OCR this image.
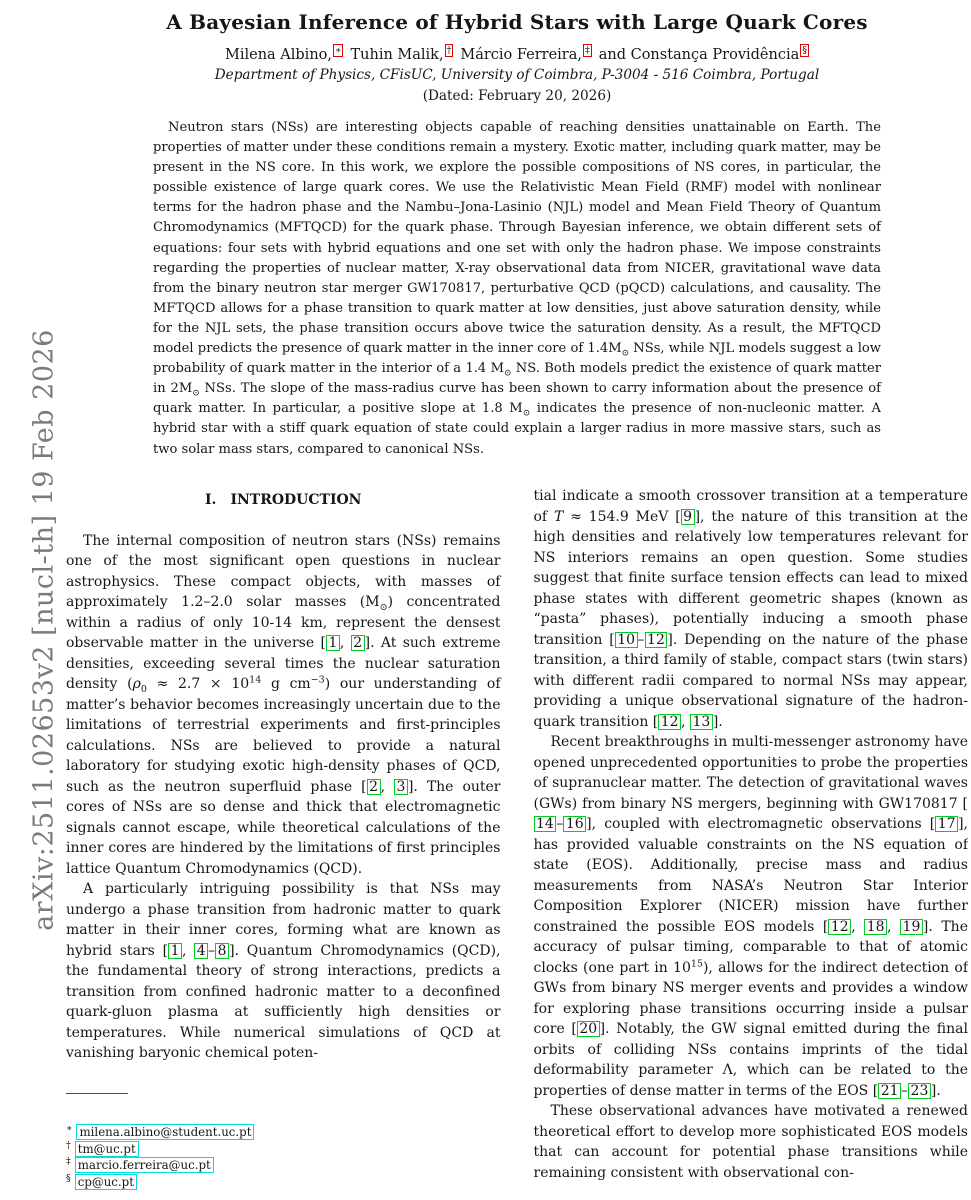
arXiv:2511.02653v2 [nucl-th] 19 Feb 2026
A Bayesian Inference of Hybrid Stars with Large Quark Cores
Milena Albino, ∗ Tuhin Malik, † Márcio Ferreira, ‡ and Constança Providência §
Department of Physics, CFisUC, University of Coimbra, P-3004 - 516 Coimbra, Portugal
(Dated: February 20, 2026)

Neutron stars (NSs) are interesting objects capable of reaching densities unattainable on Earth. The properties of matter under these conditions remain a mystery. Exotic matter, including quark matter, may be present in the NS core. In this work, we explore the possible compositions of NS cores, in particular, the possible existence of large quark cores. We use the Relativistic Mean Field (RMF) model with nonlinear terms for the hadron phase and the Nambu–Jona-Lasinio (NJL) model and Mean Field Theory of Quantum Chromodynamics (MFTQCD) for the quark phase. Through Bayesian inference, we obtain different sets of equations: four sets with hybrid equations and one set with only the hadron phase. We impose constraints regarding the properties of nuclear matter, X-ray observational data from NICER, gravitational wave data from the binary neutron star merger GW170817, perturbative QCD (pQCD) calculations, and causality. The MFTQCD allows for a phase transition to quark matter at low densities, just above saturation density, while for the NJL sets, the phase transition occurs above twice the saturation density. As a result, the MFTQCD model predicts the presence of quark matter in the inner core of $1.4M_⊙$ NSs, while NJL models suggest a low probability of quark matter in the interior of a 1.4 $M_⊙$ NS. Both models predict the existence of quark matter in $2M_⊙$ NSs. The slope of the mass-radius curve has been shown to carry information about the presence of quark matter. In particular, a positive slope at 1.8 $M_⊙$ indicates the presence of non-nucleonic matter. A hybrid star with a stiff quark equation of state could explain a larger radius in more massive stars, such as two solar mass stars, compared to canonical NSs.

I. INTRODUCTION

The internal composition of neutron stars (NSs) remains one of the most significant open questions in nuclear astrophysics. These compact objects, with masses of approximately 1.2–2.0 solar masses $(M_⊙)$ concentrated within a radius of only 10-14 km, represent the densest observable matter in the universe [ 1 , 2 ]. At such extreme densities, exceeding several times the nuclear saturation density ($\rho_0 \approx 2.7 \times 10^{14}$ g $cm^{-3}$) our understanding of matter’s behavior becomes increasingly uncertain due to the limitations of terrestrial experiments and first-principles calculations. NSs are believed to provide a natural laboratory for studying exotic high-density phases of QCD, such as the neutron superfluid phase [ 2 , 3 ]. The outer cores of NSs are so dense and thick that electromagnetic signals cannot escape, while theoretical calculations of the inner cores are hindered by the limitations of first principles lattice Quantum Chromodynamics (QCD).

A particularly intriguing possibility is that NSs may undergo a phase transition from hadronic matter to quark matter in their inner cores, forming what are known as hybrid stars [ 1 , 4 – 8 ]. Quantum Chromodynamics (QCD), the fundamental theory of strong interactions, predicts a transition from confined hadronic matter to a deconfined quark-gluon plasma at sufficiently high densities or temperatures. While numerical simulations of QCD at vanishing baryonic chemical poten-

∗ milena.albino@student.uc.pt
† tm@uc.pt
‡ marcio.ferreira@uc.pt
§ cp@uc.pt

tial indicate a smooth crossover transition at a temperature of T ≈ 154.9 MeV [ 9 ], the nature of this transition at the high densities and relatively low temperatures relevant for NS interiors remains an open question. Some studies suggest that finite surface tension effects can lead to mixed phase states with different geometric shapes (known as “pasta” phases), potentially inducing a smooth phase transition [ 10 – 12 ]. Depending on the nature of the phase transition, a third family of stable, compact stars (twin stars) with different radii compared to normal NSs may appear, providing a unique observational signature of the hadron-quark transition [ 12 , 13 ].

Recent breakthroughs in multi-messenger astronomy have opened unprecedented opportunities to probe the properties of supranuclear matter. The detection of gravitational waves (GWs) from binary NS mergers, beginning with GW170817 [14 – 16 ], coupled with electromagnetic observations [ 17 ], has provided valuable constraints on the NS equation of state (EOS). Additionally, precise mass and radius measurements from NASA’s Neutron Star Interior Composition Explorer (NICER) mission have further constrained the possible EOS models [ 12 , 18 , 19 ]. The accuracy of pulsar timing, comparable to that of atomic clocks (one part in $10^{15}$), allows for the indirect detection of GWs from binary NS merger events and provides a window for exploring phase transitions occurring inside a pulsar core [ 20 ]. Notably, the GW signal emitted during the final orbits of colliding NSs contains imprints of the tidal deformability parameter Λ, which can be related to the properties of dense matter in terms of the EOS [ 21 – 23 ].

These observational advances have motivated a renewed theoretical effort to develop more sophisticated EOS models that can account for potential phase transitions while remaining consistent with observational con-
